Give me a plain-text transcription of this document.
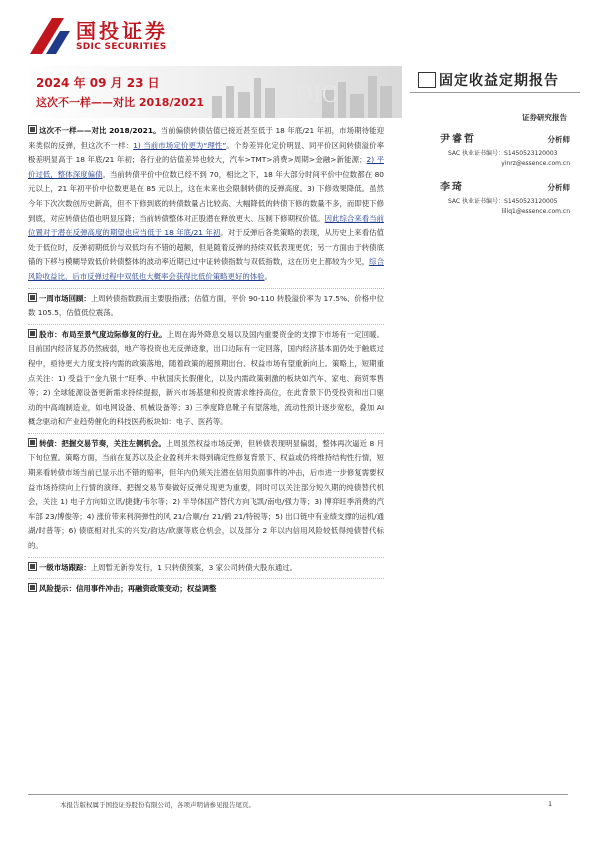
国投证券
SDIC SECURITIES
SDIC
2024 年 09 月 23 日
这次不一样——对比 2018/2021
固定收益定期报告
证券研究报告
尹睿哲	分析师
SAC 执业证书编号：S1450523120003
yinrz@essence.com.cn
李琦	分析师
SAC 执业证书编号：S1450523120005
liliq1@essence.com.cn
这次不一样——对比 2018/2021。当前偏债转债估值已接近甚至低于 18 年底/21 年初，市场期待能迎来类似的反弹，但这次不一样：1) 当前市场定价更为“理性”。个券差异化定价明显、同平价区间转债溢价率极差明显高于 18 年底/21 年初；各行业的估值差异也较大，汽车>TMT>消费>周期>金融>新能源；2) 平价过低，整体深度偏债。当前转债平价中位数已经不到 70，相比之下，18 年大部分时间平价中位数都在 80 元以上，21 年初平价中位数更是在 85 元以上，这在未来也会限制转债的反弹高度。3) 下修效果降低。虽然今年下次次数创历史新高，但不下修到底的转债数量占比较高、大幅降低的转债下修的数量不多，而即使下修到底，对应转债估值也明显压降；当前转债整体对正股潜在释放更大、压制下修期权价值。因此综合来看当前位置对于潜在反弹高度的期望也应当低于 18 年底/21 年初。对于反弹后各类策略的表现，从历史上来看估值处于低位时，反弹初期低价与双低均有不错的超额，但是随着反弹的持续双低表现更优；另一方面由于转债底锚的下移与模糊导致低价转债整体的波动率近期已过中证转债指数与双低指数，这在历史上都较为少见，综合风险收益比，后市反弹过程中双低也大概率会获得比低价策略更好的体验。
一周市场回顾：上周转债指数跌而主要股指涨；估值方面，平价 90-110 转股溢价率为 17.5%、价格中位数 105.5，估值低位震荡。
股市：布局至景气度边际修复的行业。上周在海外降息交易以及国内重要资金的支撑下市场有一定回暖。目前国内经济复苏仍然疲弱，地产等投资也无反弹迹象，出口边际有一定回落，国内经济基本面仍处于触底过程中，亟待更大力度支持内需的政策落地，随着政策的超预期出台、权益市场有望重新向上。策略上，短期重点关注：1) 受益于“金九银十”旺季、中秋国庆长假催化，以及内需政策刺激的板块如汽车、家电、商贸零售等；2) 全球能源设备更新需求持续提振，新兴市场基建和投资需求维持高位，在此背景下仍受投资和出口驱动的中高端制造业，如电网设备、机械设备等；3) 三季度降息靴子有望落地，流动性预计逐步宽松，叠加 AI 概念驱动和产业趋势催化的科技医药板块如：电子、医药等。
转债：把握交易节奏，关注左侧机会。上周虽然权益市场反弹，但转债表现明显偏弱，整体再次逼近 8 月下旬位置。策略方面，当前在复苏以及企业盈利并未得到确定性修复背景下、权益或仍将维持结构性行情，短期来看转债市场当前已显示出不错的赔率，但年内仍须关注潜在信用负面事件的冲击，后市进一步修复需要权益市场持续向上行情的演绎、把握交易节奏做好反弹兑现更为重要，同时可以关注部分短久期的纯债替代机会，关注 1) 电子方向如立讯/捷捷/韦尔等；2) 半导体国产替代方向飞凯/南电/强力等；3) 博弈旺季消费的汽车部 23/博俊等；4) 涨价带来利润弹性的风 21/合顺/台 21/鹤 21/特锐等；5) 出口链中有业绩支撑的运机/通湖/时普等；6) 债底相对扎实的兴发/韵达/欧康等底仓机会，以及部分 2 年以内信用风险较低得纯债替代标的。
一级市场跟踪：上周暂无新券发行，1 只转债预案，3 家公司转债大股东通过。
风险提示：信用事件冲击；再融资政策变动；权益调整
本报告版权属于国投证券股份有限公司，各项声明请参见报告尾页。	1
